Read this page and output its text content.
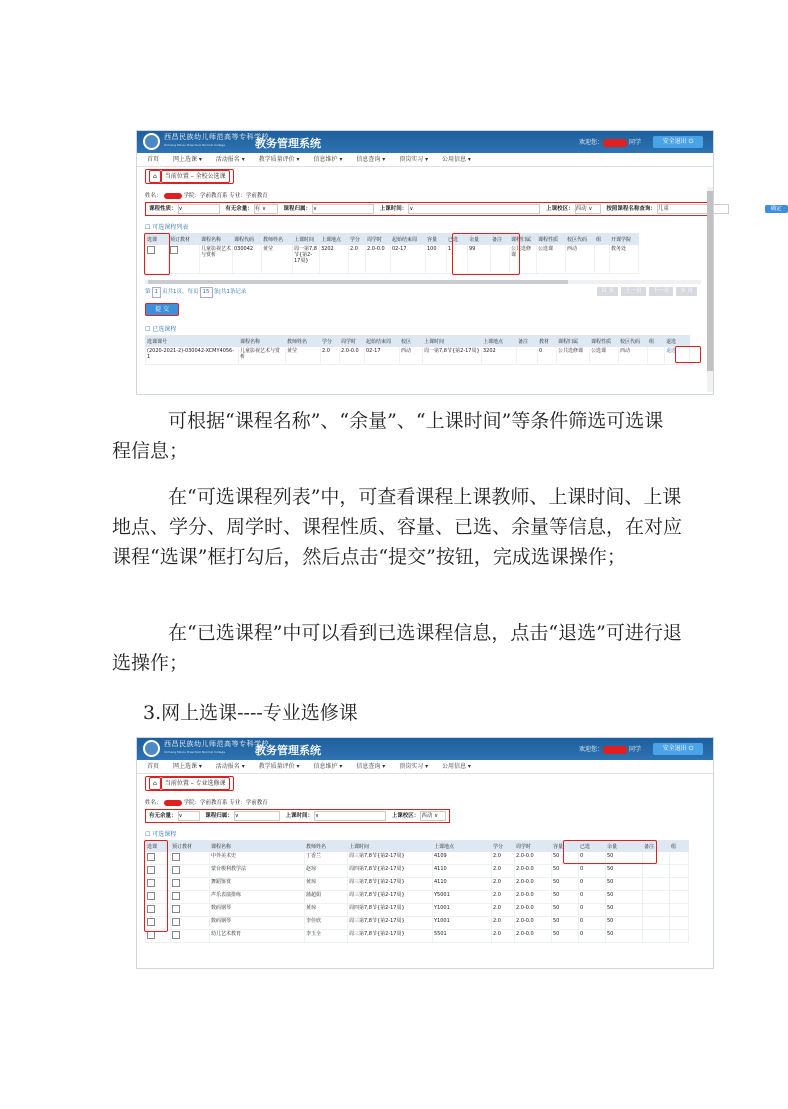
西昌民族幼儿师范高等专科学校
Xichang Minzu Preschool Normal College	教务管理系统	欢迎您：	同学	安全退出 ⏻
首页 网上选课 ▾ 活动报名 ▾ 教学质量评价 ▾ 信息维护 ▾ 信息查询 ▾ 顶岗实习 ▾ 公用信息 ▾
⌂当前位置 – 全校公选课
姓名：	学院：学前教育系 专业：学前教育
课程性质：∨	有无余量： 有 ∨	课程归属：∨	上课时间：∨	上课校区： 西动 ∨	按照课程名称查询： 儿童	确定
☐ 可选课程列表
选课	预订教材	课程名称	课程代码	教师姓名	上课时间	上课地点	学分	周学时	起始结束周	容量	已选	余量	备注	课程归属	课程性质	校区代码	组	开课学院
		儿童影视艺术与赏析	030042	黄莹	周一第7,8节{第2-17周}	3202	2.0	2.0-0.0	02-17	100	1	99		公共选修课	公选课	西动		教务处
第 1 页共1页，每页 15 条|共1条记录	首 页 上一页 下一页 末 页
提 交
☐ 已选课程
选课课号	课程名称	教师姓名	学分	周学时	起始结束周	校区	上课时间	上课地点	备注	教材	课程归属	课程性质	校区代码	组	退选
(2020-2021-2)-030042-XCMY4056-1	儿童影视艺术与赏析	黄莹	2.0	2.0-0.0	02-17	西动	周一第7,8节{第2-17周}	3202		0	公共选修课	公选课	西动		退选
可根据“课程名称”、“余量”、“上课时间”等条件筛选可选课程信息；
在“可选课程列表”中，可查看课程上课教师、上课时间、上课地点、学分、周学时、课程性质、容量、已选、余量等信息，在对应课程“选课”框打勾后，然后点击“提交”按钮，完成选课操作；
在“已选课程”中可以看到已选课程信息，点击“退选”可进行退选操作；
3.网上选课----专业选修课
西昌民族幼儿师范高等专科学校
Xichang Minzu Preschool Normal College	教务管理系统	欢迎您：	同学	安全退出 ⏻
首页 网上选课 ▾ 活动报名 ▾ 教学质量评价 ▾ 信息维护 ▾ 信息查询 ▾ 顶岗实习 ▾ 公用信息 ▾
⌂当前位置 – 专业选修课
姓名：	学院：学前教育系 专业：学前教育
有无余量：∨	课程归属：∨	上课时间：∨	上课校区： 西动 ∨
☐ 可选课程
选课	预订教材	课程名称	教师姓名	上课时间	上课地点	学分	周学时	容量	已选	余量	备注	组
		中外美术史	丁香兰	周三第7,8节{第2-17周}	4109	2.0	2.0-0.0	50	0	50		
		蒙台梭利教学法	赵琼	周四第7,8节{第2-17周}	4110	2.0	2.0-0.0	50	0	50		
		舞蹈鉴赏	黄琼	周三第7,8节{第2-17周}	4110	2.0	2.0-0.0	50	0	50		
		声乐表演排练	蒲超娟	周三第7,8节{第2-17周}	Y5001	2.0	2.0-0.0	50	0	50		
		数码钢琴	黄琼	周四第7,8节{第2-17周}	Y1001	2.0	2.0-0.0	50	0	50		
		数码钢琴	李佳欣	周三第7,8节{第2-17周}	Y1001	2.0	2.0-0.0	50	0	50		
		幼儿艺术教育	李玉全	周三第7,8节{第2-17周}	5501	2.0	2.0-0.0	50	0	50		
